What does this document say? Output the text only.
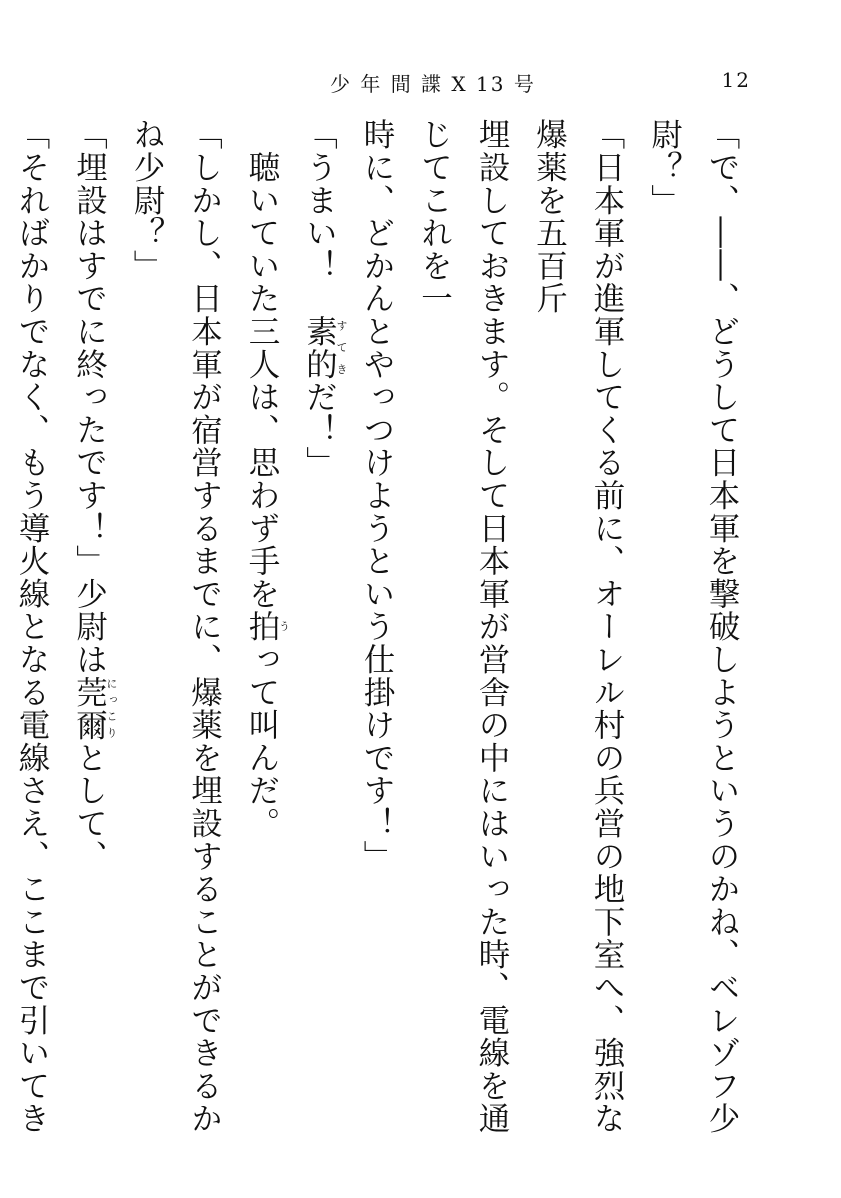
少 年 間 諜 X 13 号	12

「で、――、どうして日本軍を撃破しようというのかね、ベレゾフ少尉？」

「日本軍が進軍してくる前に、オーレル村の兵営の地下室へ、強烈な爆薬を五百斤

埋設しておきます。そして日本軍が営舎の中にはいった時、電線を通じてこれを一

時に、どかんとやっつけようという仕掛けです！」

「うまい！　素的すてきだ！」

　聴いていた三人は、思わず手を拍うって叫んだ。

「しかし、日本軍が宿営するまでに、爆薬を埋設することができるかね少尉？」

「埋設はすでに終ったです！」少尉は莞爾にっこりとして、

「そればかりでなく、もう導火線となる電線さえ、ここまで引いてき
